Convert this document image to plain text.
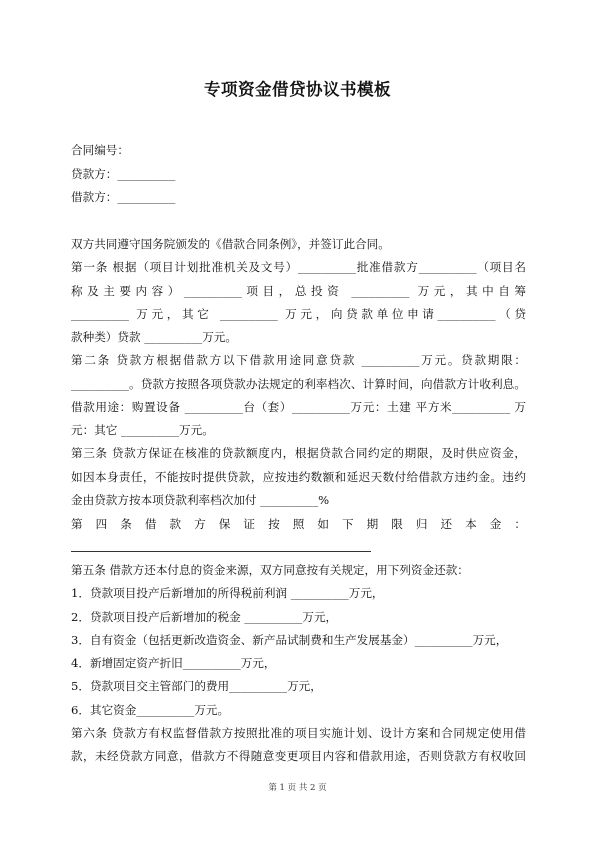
专项资金借贷协议书模板
合同编号：
贷款方：__________
借款方：__________
双方共同遵守国务院颁发的《借款合同条例》，并签订此合同。
第一条 根据（项目计划批准机关及文号）__________批准借款方__________（项目名
称及主要内容）__________项目，总投资 __________ 万元，其中自筹
__________ 万元，其它 __________ 万元，向贷款单位申请__________（贷
款种类）贷款 __________万元。
第二条 贷款方根据借款方以下借款用途同意贷款 __________万元。贷款期限：
__________。贷款方按照各项贷款办法规定的利率档次、计算时间，向借款方计收利息。
借款用途：购置设备 __________台（套）__________万元：土建 平方米__________ 万
元：其它 __________万元。
第三条 贷款方保证在核准的贷款额度内，根据贷款合同约定的期限，及时供应资金，
如因本身责任，不能按时提供贷款，应按违约数额和延迟天数付给借款方违约金。违约
金由贷款方按本项贷款利率档次加付 __________%
第四条借款方保证按照如下期限归还本金：
第五条 借款方还本付息的资金来源，双方同意按有关规定，用下列资金还款：
1．贷款项目投产后新增加的所得税前利润 __________万元，
2．贷款项目投产后新增加的税金 __________万元，
3．自有资金（包括更新改造资金、新产品试制费和生产发展基金）__________万元，
4．新增固定资产折旧__________万元，
5．贷款项目交主管部门的费用__________万元，
6．其它资金__________万元。
第六条 贷款方有权监督借款方按照批准的项目实施计划、设计方案和合同规定使用借
款，未经贷款方同意，借款方不得随意变更项目内容和借款用途，否则贷款方有权收回
第 1 页 共 2 页
